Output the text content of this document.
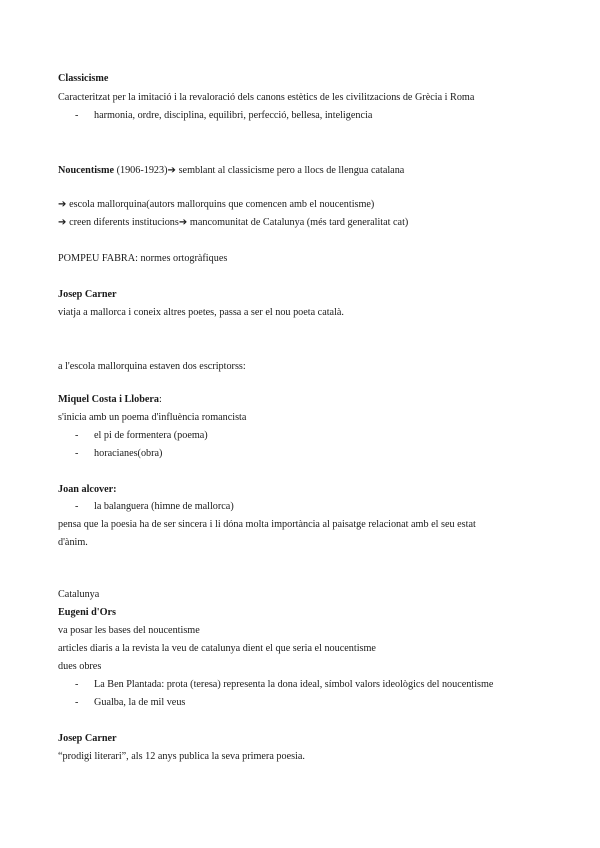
Classicisme
Caracteritzat per la imitació i la revaloració dels canons estètics de les civilitzacions de Grècia i Roma
- harmonia, ordre, disciplina, equilibri, perfecció, bellesa, inteligencia
Noucentisme (1906-1923)➔ semblant al classicisme pero a llocs de llengua catalana
➔ escola mallorquina(autors mallorquins que comencen amb el noucentisme)
➔ creen diferents institucions➔ mancomunitat de Catalunya (més tard generalitat cat)
POMPEU FABRA: normes ortogràfiques
Josep Carner
viatja a mallorca i coneix altres poetes, passa a ser el nou poeta català.
a l'escola mallorquina estaven dos escriptorss:
Miquel Costa i Llobera:
s'inicia amb un poema d'influència romancista
- el pi de formentera (poema)
- horacianes(obra)
Joan alcover:
- la balanguera (himne de mallorca)
pensa que la poesia ha de ser sincera i li dóna molta importància al paisatge relacionat amb el seu estat
d'ànim.
Catalunya
Eugeni d'Ors
va posar les bases del noucentisme
articles diaris a la revista la veu de catalunya dient el que seria el noucentisme
dues obres
- La Ben Plantada: prota (teresa) representa la dona ideal, símbol valors ideològics del noucentisme
- Gualba, la de mil veus
Josep Carner
“prodigi literari”, als 12 anys publica la seva primera poesia.
